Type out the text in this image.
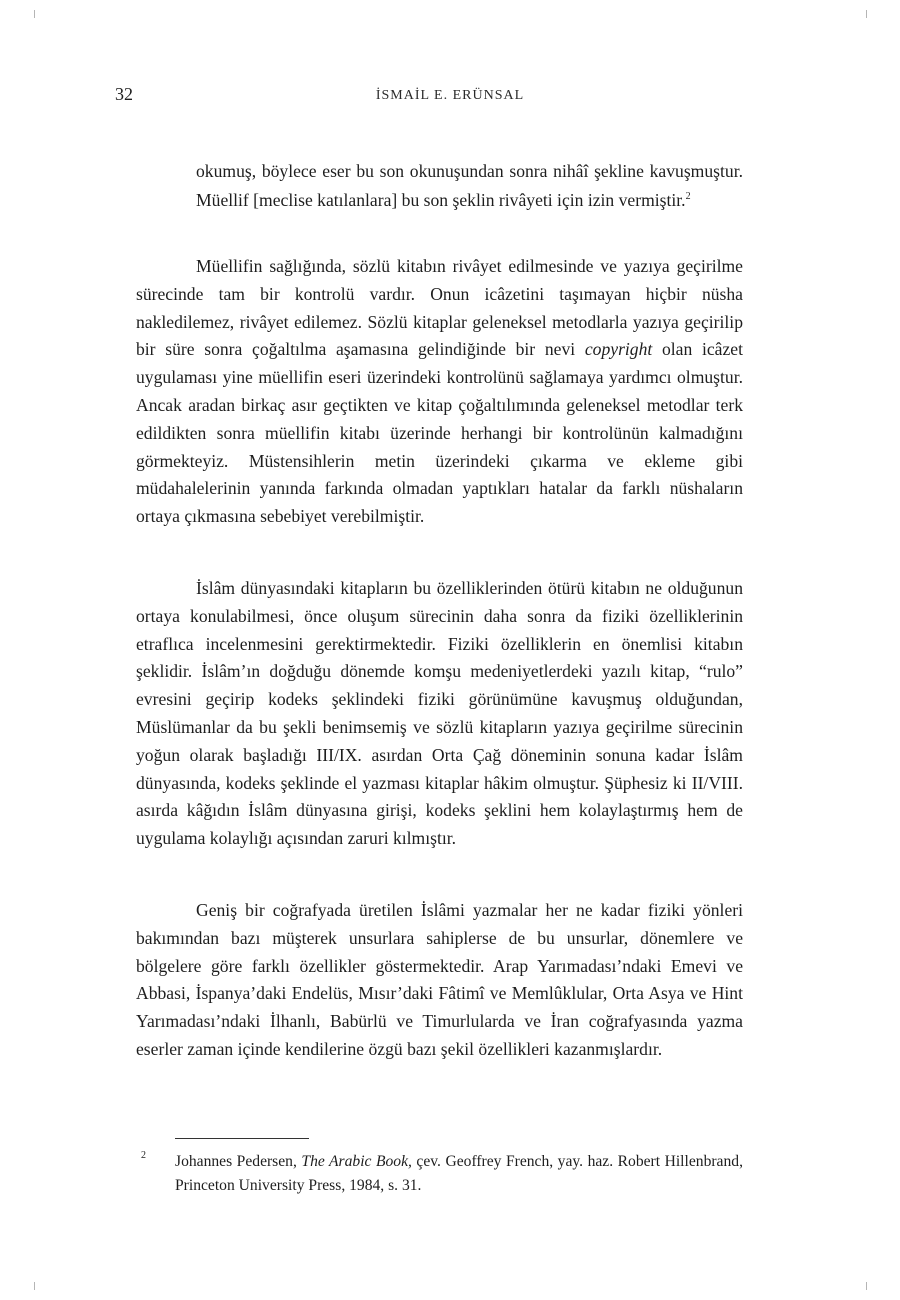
32	İSMAİL E. ERÜNSAL
okumuş, böylece eser bu son okunuşundan sonra nihâî şekline kavuşmuştur. Müellif [meclise katılanlara] bu son şeklin rivâyeti için izin vermiştir.$^2$
Müellifin sağlığında, sözlü kitabın rivâyet edilmesinde ve yazıya geçirilme sürecinde tam bir kontrolü vardır. Onun icâzetini taşımayan hiçbir nüsha nakledilemez, rivâyet edilemez. Sözlü kitaplar geleneksel metodlarla yazıya geçirilip bir süre sonra çoğaltılma aşamasına gelindiğinde bir nevi copyright olan icâzet uygulaması yine müellifin eseri üzerindeki kontrolünü sağlamaya yardımcı olmuştur. Ancak aradan birkaç asır geçtikten ve kitap çoğaltılımında geleneksel metodlar terk edildikten sonra müellifin kitabı üzerinde herhangi bir kontrolünün kalmadığını görmekteyiz. Müstensihlerin metin üzerindeki çıkarma ve ekleme gibi müdahalelerinin yanında farkında olmadan yaptıkları hatalar da farklı nüshaların ortaya çıkmasına sebebiyet verebilmiştir.
İslâm dünyasındaki kitapların bu özelliklerinden ötürü kitabın ne olduğunun ortaya konulabilmesi, önce oluşum sürecinin daha sonra da fiziki özelliklerinin etraflıca incelenmesini gerektirmektedir. Fiziki özelliklerin en önemlisi kitabın şeklidir. İslâm’ın doğduğu dönemde komşu medeniyetlerdeki yazılı kitap, “rulo” evresini geçirip kodeks şeklindeki fiziki görünümüne kavuşmuş olduğundan, Müslümanlar da bu şekli benimsemiş ve sözlü kitapların yazıya geçirilme sürecinin yoğun olarak başladığı III/IX. asırdan Orta Çağ döneminin sonuna kadar İslâm dünyasında, kodeks şeklinde el yazması kitaplar hâkim olmuştur. Şüphesiz ki II/VIII. asırda kâğıdın İslâm dünyasına girişi, kodeks şeklini hem kolaylaştırmış hem de uygulama kolaylığı açısından zaruri kılmıştır.
Geniş bir coğrafyada üretilen İslâmi yazmalar her ne kadar fiziki yönleri bakımından bazı müşterek unsurlara sahiplerse de bu unsurlar, dönemlere ve bölgelere göre farklı özellikler göstermektedir. Arap Yarımadası’ndaki Emevi ve Abbasi, İspanya’daki Endelüs, Mısır’daki Fâtimî ve Memlûklular, Orta Asya ve Hint Yarımadası’ndaki İlhanlı, Babürlü ve Timurlularda ve İran coğrafyasında yazma eserler zaman içinde kendilerine özgü bazı şekil özellikleri kazanmışlardır.
2 Johannes Pedersen, The Arabic Book, çev. Geoffrey French, yay. haz. Robert Hillenbrand, Princeton University Press, 1984, s. 31.
